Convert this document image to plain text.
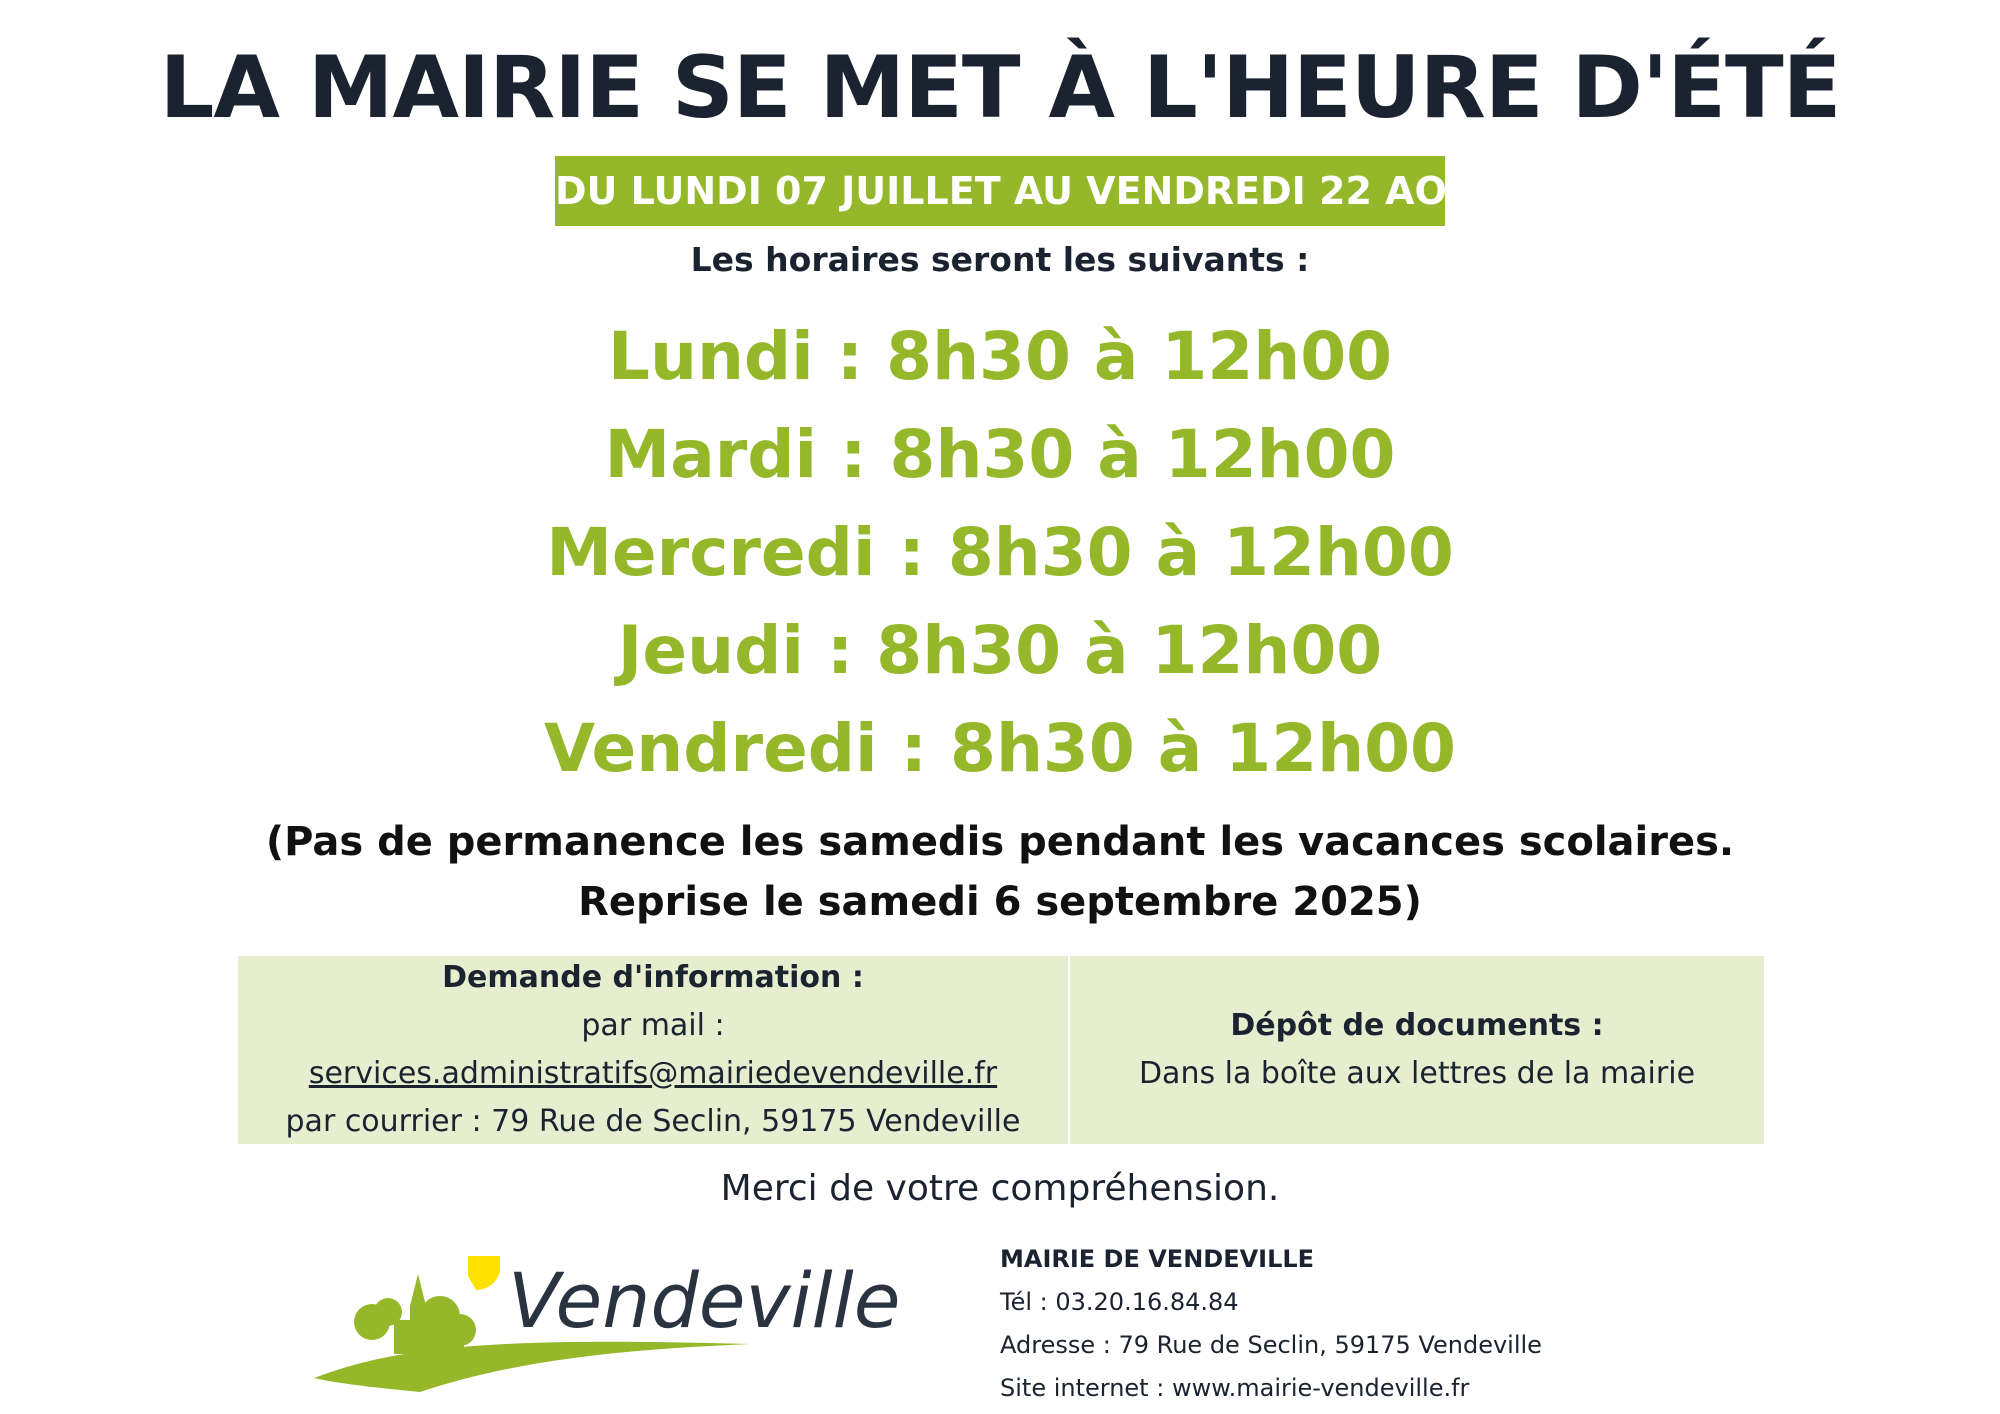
LA MAIRIE SE MET À L'HEURE D'ÉTÉ
DU LUNDI 07 JUILLET AU VENDREDI 22 AOÛT
Les horaires seront les suivants :
Lundi : 8h30 à 12h00
Mardi : 8h30 à 12h00
Mercredi : 8h30 à 12h00
Jeudi : 8h30 à 12h00
Vendredi : 8h30 à 12h00
(Pas de permanence les samedis pendant les vacances scolaires.
Reprise le samedi 6 septembre 2025)
Demande d'information :
par mail : services.administratifs@mairiedevendeville.fr
par courrier : 79 Rue de Seclin, 59175 Vendeville
Dépôt de documents :
Dans la boîte aux lettres de la mairie
Merci de votre compréhension.
Vendeville	MAIRIE DE VENDEVILLE
Tél : 03.20.16.84.84
Adresse : 79 Rue de Seclin, 59175 Vendeville
Site internet : www.mairie-vendeville.fr
